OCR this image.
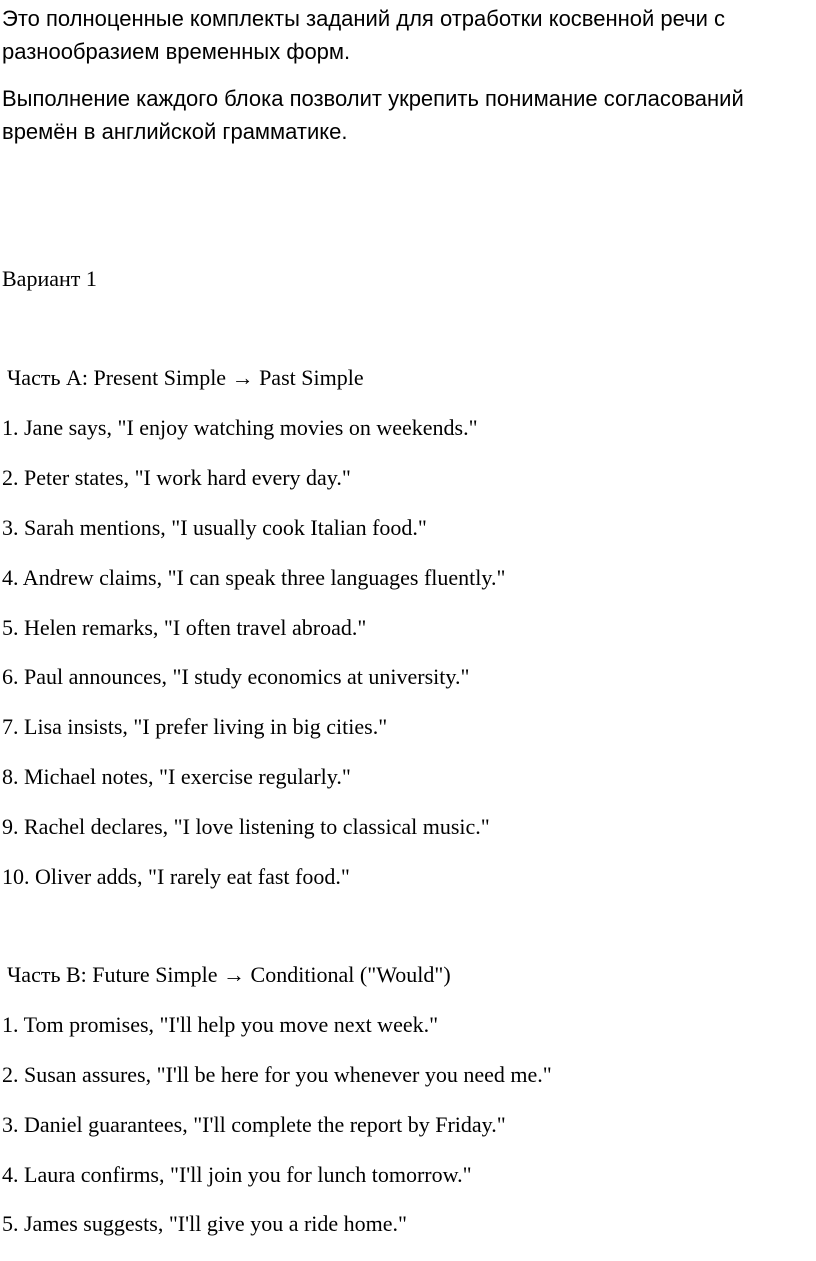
Это полноценные комплекты заданий для отработки косвенной речи с разнообразием временных форм.

Выполнение каждого блока позволит укрепить понимание согласований времён в английской грамматике.

Вариант 1

Часть A: Present Simple → Past Simple

1. Jane says, "I enjoy watching movies on weekends."

2. Peter states, "I work hard every day."

3. Sarah mentions, "I usually cook Italian food."

4. Andrew claims, "I can speak three languages fluently."

5. Helen remarks, "I often travel abroad."

6. Paul announces, "I study economics at university."

7. Lisa insists, "I prefer living in big cities."

8. Michael notes, "I exercise regularly."

9. Rachel declares, "I love listening to classical music."

10. Oliver adds, "I rarely eat fast food."

Часть B: Future Simple → Conditional ("Would")

1. Tom promises, "I'll help you move next week."

2. Susan assures, "I'll be here for you whenever you need me."

3. Daniel guarantees, "I'll complete the report by Friday."

4. Laura confirms, "I'll join you for lunch tomorrow."

5. James suggests, "I'll give you a ride home."
